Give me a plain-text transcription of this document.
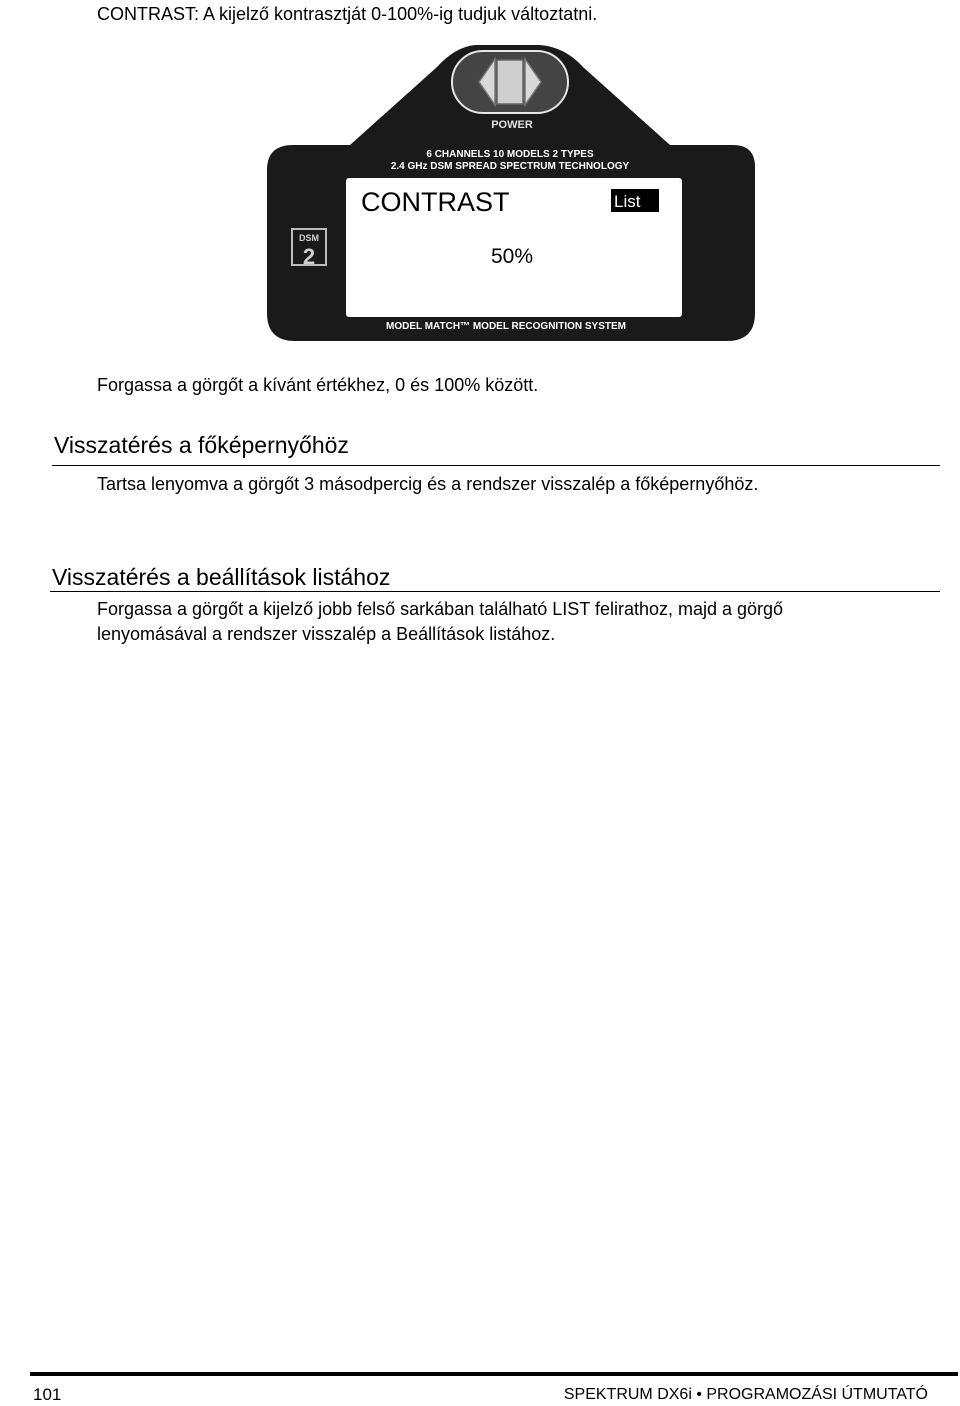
CONTRAST: A kijelző kontrasztját 0-100%-ig tudjuk változtatni.

POWER
6 CHANNELS 10 MODELS 2 TYPES
2.4 GHz DSM SPREAD SPECTRUM TECHNOLOGY
CONTRAST	List
50%
DSM
2
MODEL MATCH™ MODEL RECOGNITION SYSTEM

Forgassa a görgőt a kívánt értékhez, 0 és 100% között.

Visszatérés a főképernyőhöz

Tartsa lenyomva a görgőt 3 másodpercig és a rendszer visszalép a főképernyőhöz.

Visszatérés a beállítások listához

Forgassa a görgőt a kijelző jobb felső sarkában található LIST felirathoz, majd a görgő

lenyomásával a rendszer visszalép a Beállítások listához.

101	SPEKTRUM DX6i • PROGRAMOZÁSI ÚTMUTATÓ
